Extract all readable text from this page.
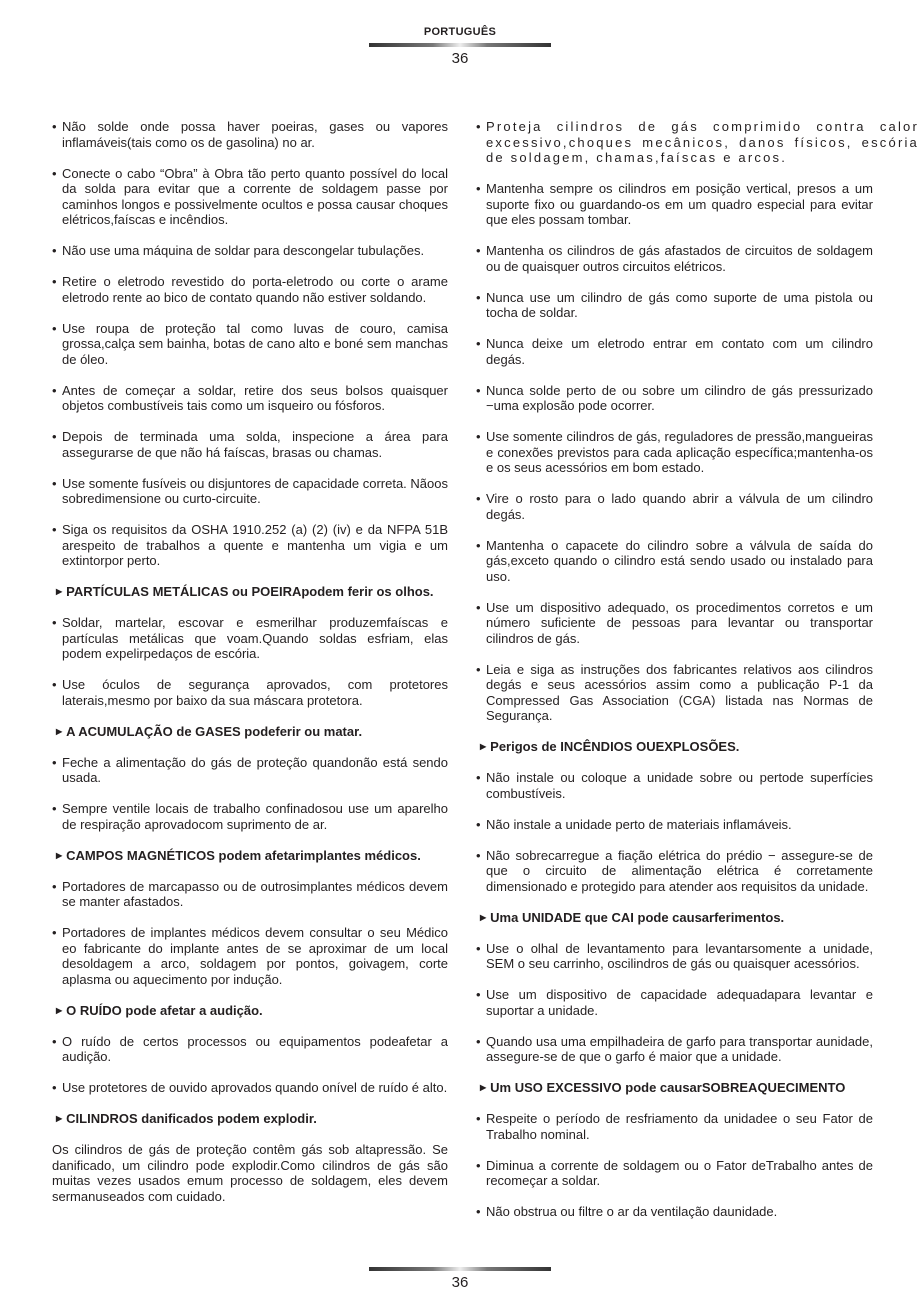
PORTUGUÊS
36
• Não solde onde possa haver poeiras, gases ou vapores inflamáveis(tais como os de gasolina) no ar.
• Conecte o cabo “Obra” à Obra tão perto quanto possível do local da solda para evitar que a corrente de soldagem passe por caminhos longos e possivelmente ocultos e possa causar choques elétricos,faíscas e incêndios.
• Não use uma máquina de soldar para descongelar tubulações.
• Retire o eletrodo revestido do porta-eletrodo ou corte o arame eletrodo rente ao bico de contato quando não estiver soldando.
• Use roupa de proteção tal como luvas de couro, camisa grossa,calça sem bainha, botas de cano alto e boné sem manchas de óleo.
• Antes de começar a soldar, retire dos seus bolsos quaisquer objetos combustíveis tais como um isqueiro ou fósforos.
• Depois de terminada uma solda, inspecione a área para assegurarse de que não há faíscas, brasas ou chamas.
• Use somente fusíveis ou disjuntores de capacidade correta. Nãoos sobredimensione ou curto-circuite.
• Siga os requisitos da OSHA 1910.252 (a) (2) (iv) e da NFPA 51B arespeito de trabalhos a quente e mantenha um vigia e um extintorpor perto.
▶ PARTÍCULAS METÁLICAS ou POEIRApodem ferir os olhos.
• Soldar, martelar, escovar e esmerilhar produzemfaíscas e partículas metálicas que voam.Quando soldas esfriam, elas podem expelirpedaços de escória.
• Use óculos de segurança aprovados, com protetores laterais,mesmo por baixo da sua máscara protetora.
▶ A ACUMULAÇÃO de GASES podeferir ou matar.
• Feche a alimentação do gás de proteção quandonão está sendo usada.
• Sempre ventile locais de trabalho confinadosou use um aparelho de respiração aprovadocom suprimento de ar.
▶ CAMPOS MAGNÉTICOS podem afetarimplantes médicos.
• Portadores de marcapasso ou de outrosimplantes médicos devem se manter afastados.
• Portadores de implantes médicos devem consultar o seu Médico eo fabricante do implante antes de se aproximar de um local desoldagem a arco, soldagem por pontos, goivagem, corte aplasma ou aquecimento por indução.
▶ O RUÍDO pode afetar a audição.
• O ruído de certos processos ou equipamentos podeafetar a audição.
• Use protetores de ouvido aprovados quando onível de ruído é alto.
▶ CILINDROS danificados podem explodir.
Os cilindros de gás de proteção contêm gás sob altapressão. Se danificado, um cilindro pode explodir.Como cilindros de gás são muitas vezes usados emum processo de soldagem, eles devem sermanuseados com cuidado.
• Proteja cilindros de gás comprimido contra calor excessivo,choques mecânicos, danos físicos, escória de soldagem, chamas,faíscas e arcos.
• Mantenha sempre os cilindros em posição vertical, presos a um suporte fixo ou guardando-os em um quadro especial para evitar que eles possam tombar.
• Mantenha os cilindros de gás afastados de circuitos de soldagem ou de quaisquer outros circuitos elétricos.
• Nunca use um cilindro de gás como suporte de uma pistola ou tocha de soldar.
• Nunca deixe um eletrodo entrar em contato com um cilindro degás.
• Nunca solde perto de ou sobre um cilindro de gás pressurizado −uma explosão pode ocorrer.
• Use somente cilindros de gás, reguladores de pressão,mangueiras e conexões previstos para cada aplicação específica;mantenha-os e os seus acessórios em bom estado.
• Vire o rosto para o lado quando abrir a válvula de um cilindro degás.
• Mantenha o capacete do cilindro sobre a válvula de saída do gás,exceto quando o cilindro está sendo usado ou instalado para uso.
• Use um dispositivo adequado, os procedimentos corretos e um número suficiente de pessoas para levantar ou transportar cilindros de gás.
• Leia e siga as instruções dos fabricantes relativos aos cilindros degás e seus acessórios assim como a publicação P-1 da Compressed Gas Association (CGA) listada nas Normas de Segurança.
▶ Perigos de INCÊNDIOS OUEXPLOSÕES.
• Não instale ou coloque a unidade sobre ou pertode superfícies combustíveis.
• Não instale a unidade perto de materiais inflamáveis.
• Não sobrecarregue a fiação elétrica do prédio − assegure-se de que o circuito de alimentação elétrica é corretamente dimensionado e protegido para atender aos requisitos da unidade.
▶ Uma UNIDADE que CAI pode causarferimentos.
• Use o olhal de levantamento para levantarsomente a unidade, SEM o seu carrinho, oscilindros de gás ou quaisquer acessórios.
• Use um dispositivo de capacidade adequadapara levantar e suportar a unidade.
• Quando usa uma empilhadeira de garfo para transportar aunidade, assegure-se de que o garfo é maior que a unidade.
▶ Um USO EXCESSIVO pode causarSOBREAQUECIMENTO
• Respeite o período de resfriamento da unidadee o seu Fator de Trabalho nominal.
• Diminua a corrente de soldagem ou o Fator deTrabalho antes de recomeçar a soldar.
• Não obstrua ou filtre o ar da ventilação daunidade.
36
